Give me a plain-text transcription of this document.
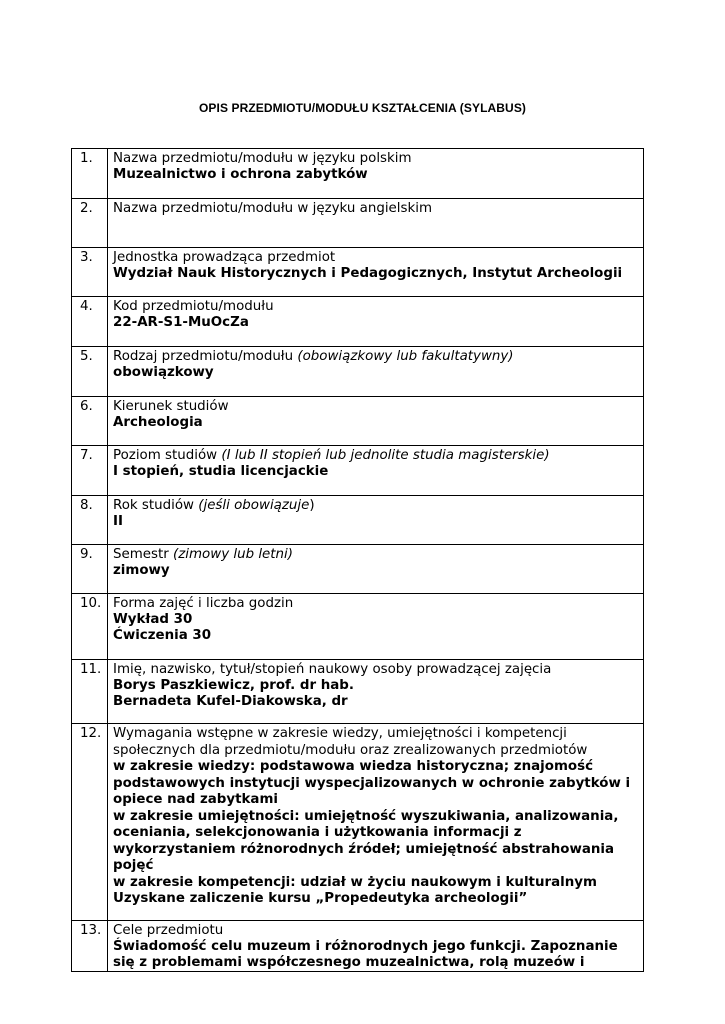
OPIS PRZEDMIOTU/MODUŁU KSZTAŁCENIA (SYLABUS)
1.	Nazwa przedmiotu/modułu w języku polskim
Muzealnictwo i ochrona zabytków

2.	Nazwa przedmiotu/modułu w języku angielskim

3.	Jednostka prowadząca przedmiot
Wydział Nauk Historycznych i Pedagogicznych, Instytut Archeologii

4.	Kod przedmiotu/modułu
22-AR-S1-MuOcZa

5.	Rodzaj przedmiotu/modułu (obowiązkowy lub fakultatywny)
obowiązkowy

6.	Kierunek studiów
Archeologia

7.	Poziom studiów (I lub II stopień lub jednolite studia magisterskie)
I stopień, studia licencjackie

8.	Rok studiów (jeśli obowiązuje)
II

9.	Semestr (zimowy lub letni)
zimowy

10.	Forma zajęć i liczba godzin
Wykład 30
Ćwiczenia 30

11.	Imię, nazwisko, tytuł/stopień naukowy osoby prowadzącej zajęcia
Borys Paszkiewicz, prof. dr hab.
Bernadeta Kufel-Diakowska, dr

12.	Wymagania wstępne w zakresie wiedzy, umiejętności i kompetencji społecznych dla przedmiotu/modułu oraz zrealizowanych przedmiotów
w zakresie wiedzy: podstawowa wiedza historyczna; znajomość podstawowych instytucji wyspecjalizowanych w ochronie zabytków i opiece nad zabytkami
w zakresie umiejętności: umiejętność wyszukiwania, analizowania, oceniania, selekcjonowania i użytkowania informacji z wykorzystaniem różnorodnych źródeł; umiejętność abstrahowania pojęć
w zakresie kompetencji: udział w życiu naukowym i kulturalnym
Uzyskane zaliczenie kursu „Propedeutyka archeologii”

13.	Cele przedmiotu
Świadomość celu muzeum i różnorodnych jego funkcji. Zapoznanie się z problemami współczesnego muzealnictwa, rolą muzeów i
